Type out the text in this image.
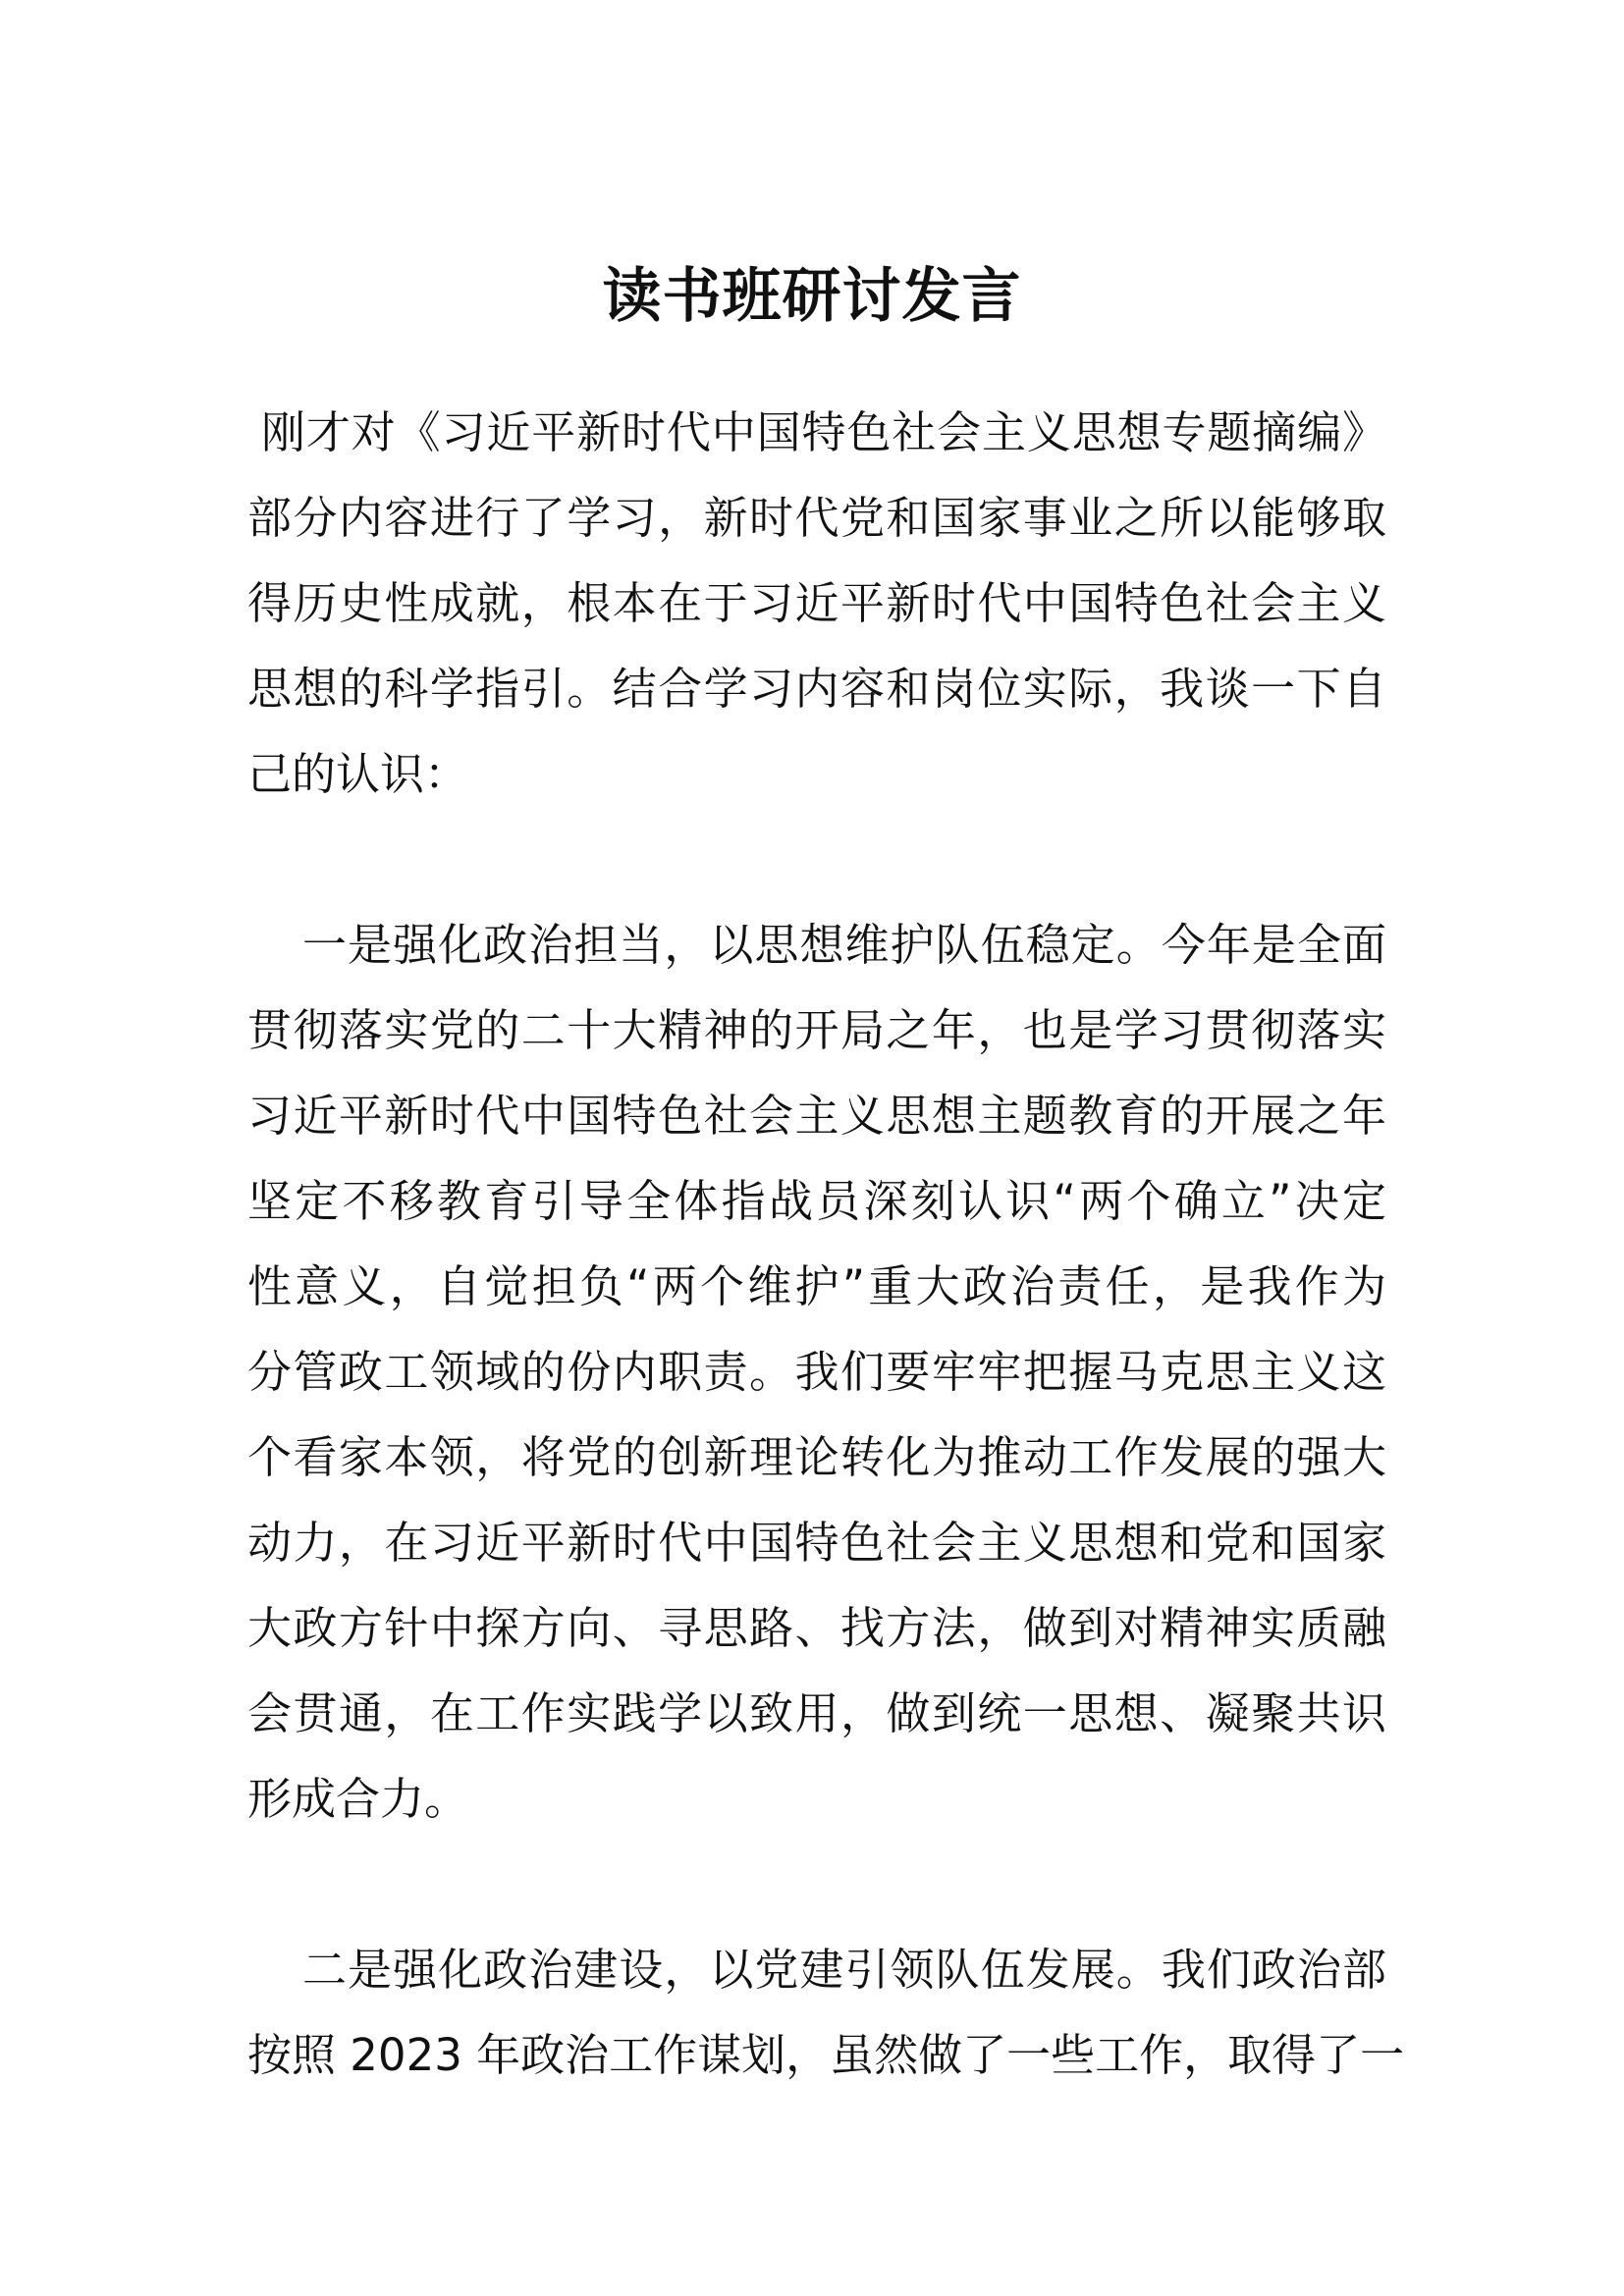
读书班研讨发言

刚才对《习近平新时代中国特色社会主义思想专题摘编》
部分内容进行了学习，新时代党和国家事业之所以能够取
得历史性成就，根本在于习近平新时代中国特色社会主义
思想的科学指引。结合学习内容和岗位实际，我谈一下自
己的认识：

一是强化政治担当，以思想维护队伍稳定。今年是全面
贯彻落实党的二十大精神的开局之年，也是学习贯彻落实
习近平新时代中国特色社会主义思想主题教育的开展之年
坚定不移教育引导全体指战员深刻认识“两个确立”决定
性意义，自觉担负“两个维护”重大政治责任，是我作为
分管政工领域的份内职责。我们要牢牢把握马克思主义这
个看家本领，将党的创新理论转化为推动工作发展的强大
动力，在习近平新时代中国特色社会主义思想和党和国家
大政方针中探方向、寻思路、找方法，做到对精神实质融
会贯通，在工作实践学以致用，做到统一思想、凝聚共识
形成合力。

二是强化政治建设，以党建引领队伍发展。我们政治部
按照 2023 年政治工作谋划，虽然做了一些工作，取得了一
